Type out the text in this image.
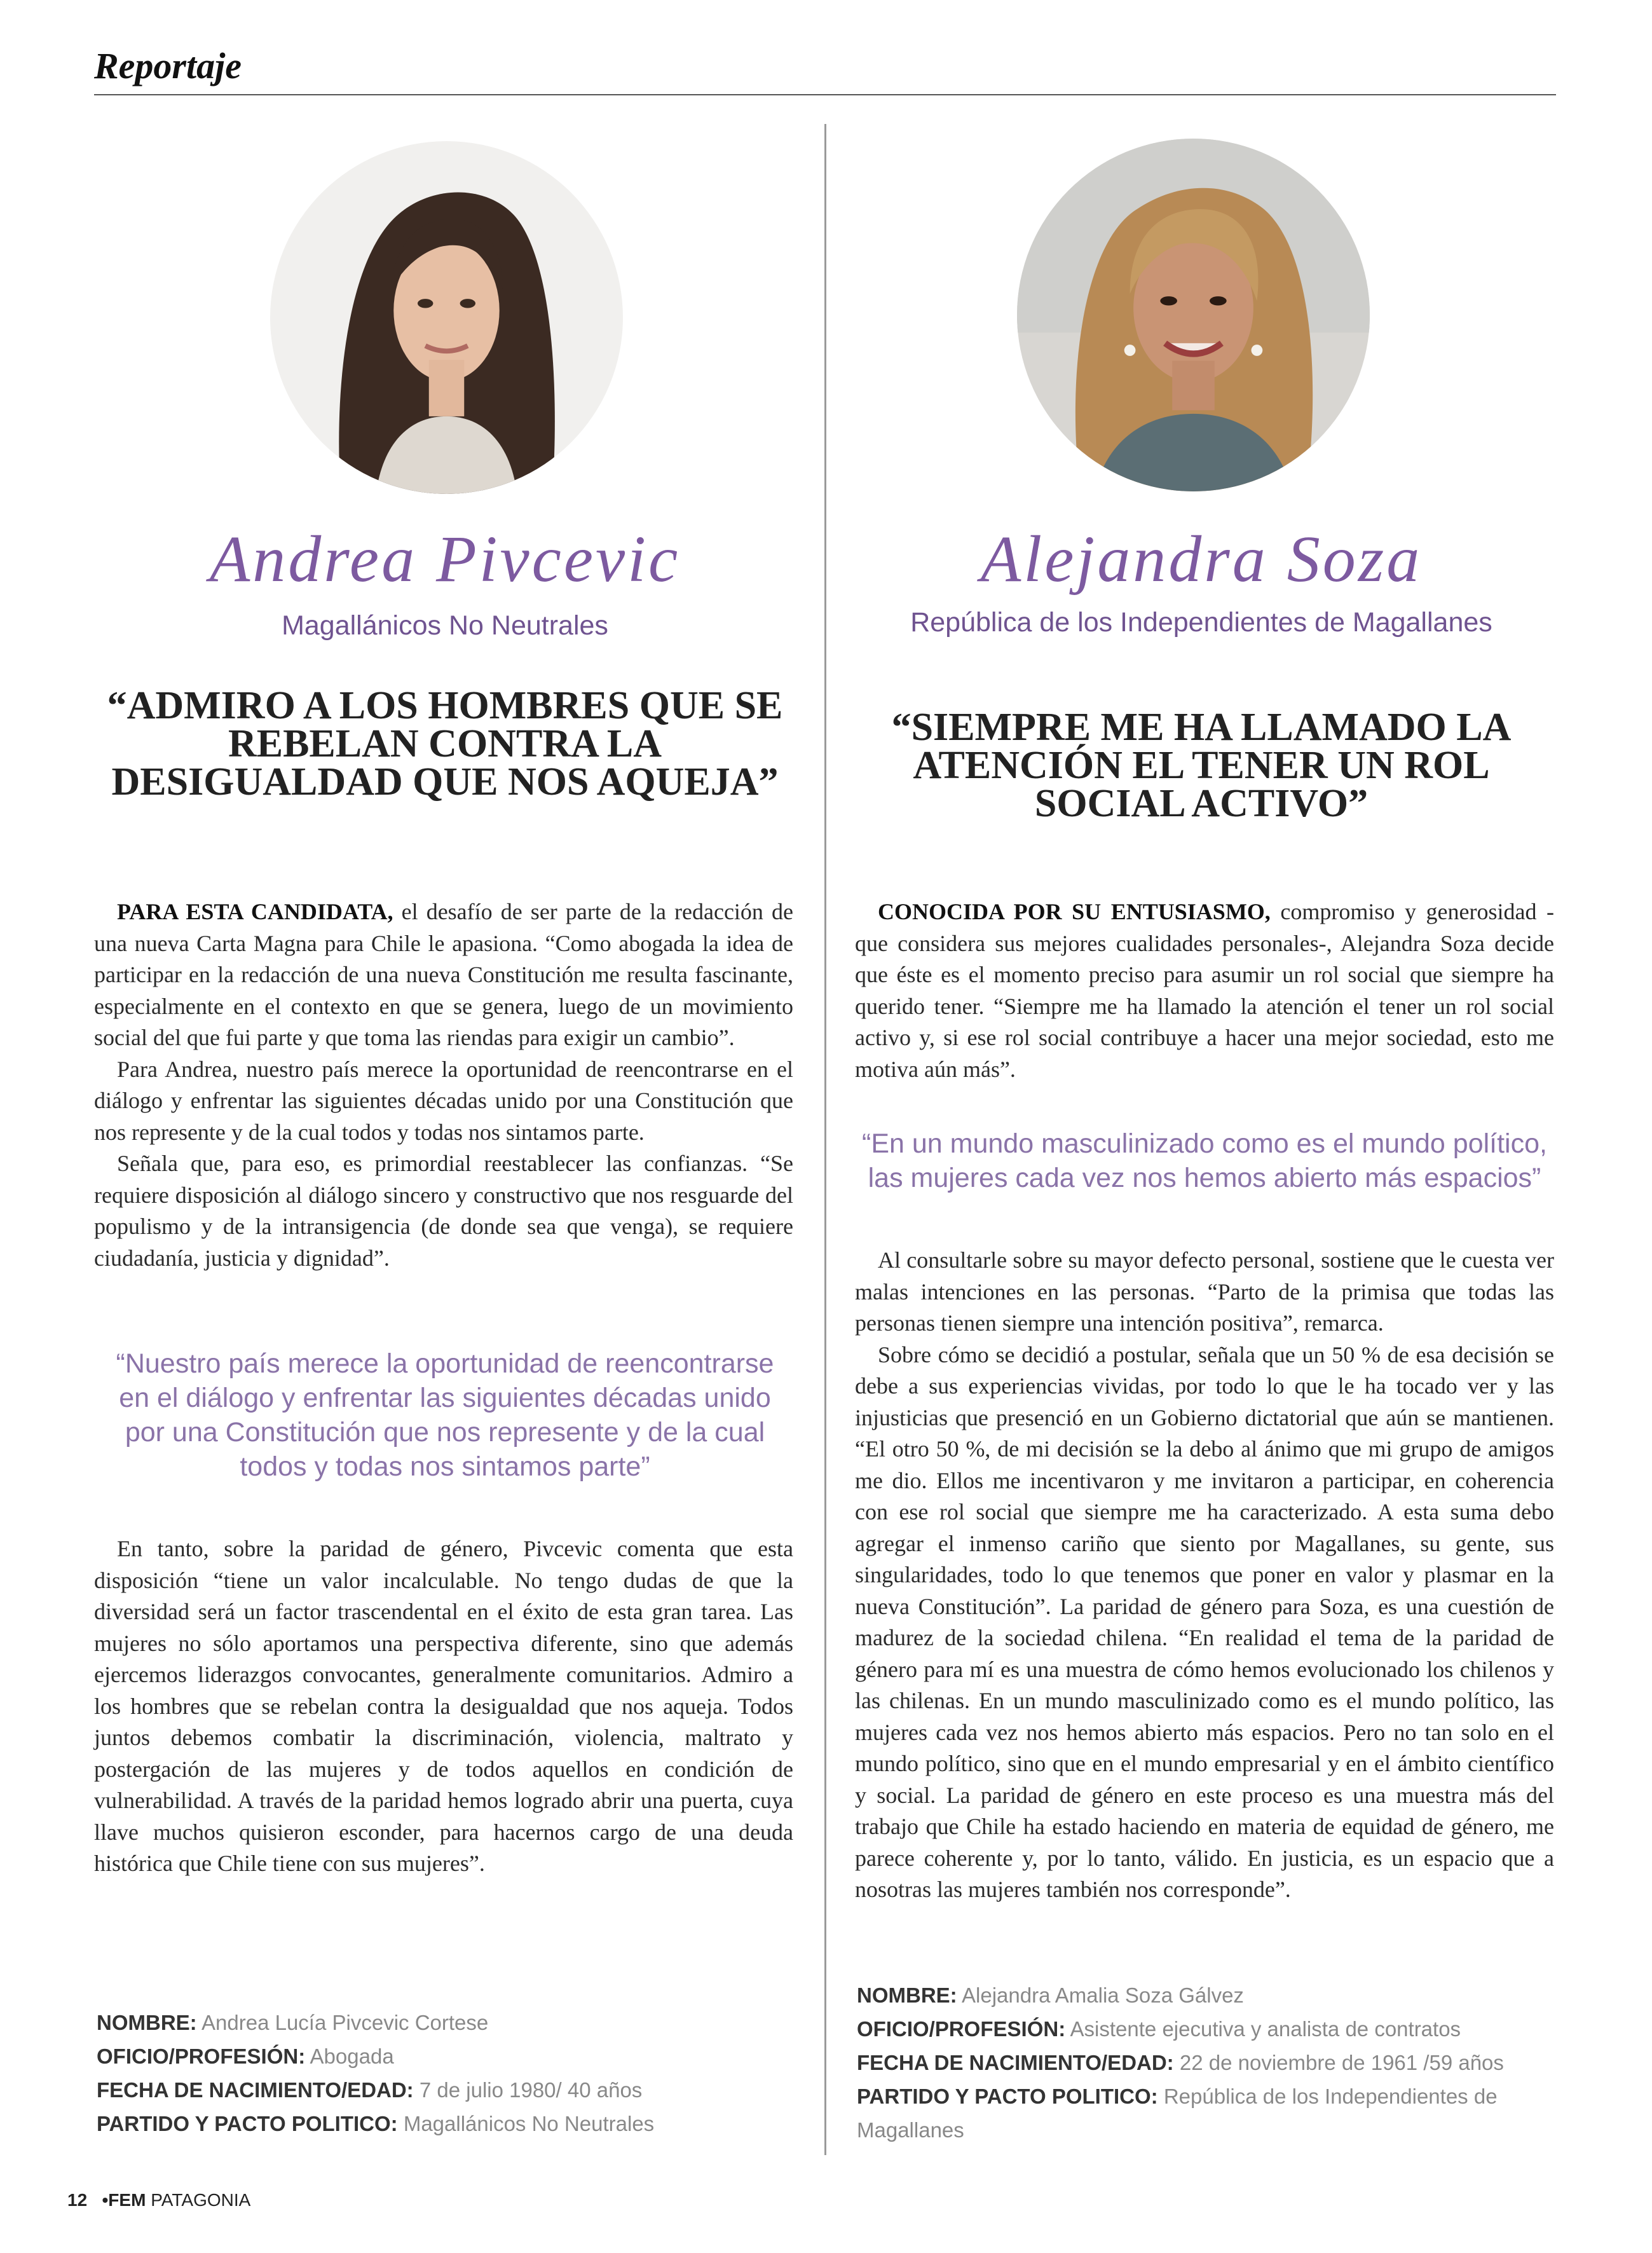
Reportaje
Andrea Pivcevic
Magallánicos No Neutrales
“ADMIRO A LOS HOMBRES QUE SE REBELAN CONTRA LA DESIGUALDAD QUE NOS AQUEJA”

PARA ESTA CANDIDATA, el desafío de ser parte de la redacción de una nueva Carta Magna para Chile le apasiona. “Como abogada la idea de participar en la redacción de una nueva Constitución me resulta fascinante, especialmente en el contexto en que se genera, luego de un movimiento social del que fui parte y que toma las riendas para exigir un cambio”.

Para Andrea, nuestro país merece la oportunidad de reencontrarse en el diálogo y enfrentar las siguientes décadas unido por una Constitución que nos represente y de la cual todos y todas nos sintamos parte.

Señala que, para eso, es primordial reestablecer las confianzas. “Se requiere disposición al diálogo sincero y constructivo que nos resguarde del populismo y de la intransigencia (de donde sea que venga), se requiere ciudadanía, justicia y dignidad”.

“Nuestro país merece la oportunidad de reencontrarse en el diálogo y enfrentar las siguientes décadas unido por una Constitución que nos represente y de la cual todos y todas nos sintamos parte”

En tanto, sobre la paridad de género, Pivcevic comenta que esta disposición “tiene un valor incalculable. No tengo dudas de que la diversidad será un factor trascendental en el éxito de esta gran tarea. Las mujeres no sólo aportamos una perspectiva diferente, sino que además ejercemos liderazgos convocantes, generalmente comunitarios. Admiro a los hombres que se rebelan contra la desigualdad que nos aqueja. Todos juntos debemos combatir la discriminación, violencia, maltrato y postergación de las mujeres y de todos aquellos en condición de vulnerabilidad. A través de la paridad hemos logrado abrir una puerta, cuya llave muchos quisieron esconder, para hacernos cargo de una deuda histórica que Chile tiene con sus mujeres”.

NOMBRE: Andrea Lucía Pivcevic Cortese
OFICIO/PROFESIÓN: Abogada
FECHA DE NACIMIENTO/EDAD: 7 de julio 1980/ 40 años
PARTIDO Y PACTO POLITICO: Magallánicos No Neutrales
Alejandra Soza
República de los Independientes de Magallanes
“SIEMPRE ME HA LLAMADO LA ATENCIÓN EL TENER UN ROL SOCIAL ACTIVO”

CONOCIDA POR SU ENTUSIASMO, compromiso y generosidad - que considera sus mejores cualidades personales-, Alejandra Soza decide que éste es el momento preciso para asumir un rol social que siempre ha querido tener. “Siempre me ha llamado la atención el tener un rol social activo y, si ese rol social contribuye a hacer una mejor sociedad, esto me motiva aún más”.

“En un mundo masculinizado como es el mundo político, las mujeres cada vez nos hemos abierto más espacios”

Al consultarle sobre su mayor defecto personal, sostiene que le cuesta ver malas intenciones en las personas. “Parto de la primisa que todas las personas tienen siempre una intención positiva”, remarca.

Sobre cómo se decidió a postular, señala que un 50 % de esa decisión se debe a sus experiencias vividas, por todo lo que le ha tocado ver y las injusticias que presenció en un Gobierno dictatorial que aún se mantienen. “El otro 50 %, de mi decisión se la debo al ánimo que mi grupo de amigos me dio. Ellos me incentivaron y me invitaron a participar, en coherencia con ese rol social que siempre me ha caracterizado. A esta suma debo agregar el inmenso cariño que siento por Magallanes, su gente, sus singularidades, todo lo que tenemos que poner en valor y plasmar en la nueva Constitución”. La paridad de género para Soza, es una cuestión de madurez de la sociedad chilena. “En realidad el tema de la paridad de género para mí es una muestra de cómo hemos evolucionado los chilenos y las chilenas. En un mundo masculinizado como es el mundo político, las mujeres cada vez nos hemos abierto más espacios. Pero no tan solo en el mundo político, sino que en el mundo empresarial y en el ámbito científico y social. La paridad de género en este proceso es una muestra más del trabajo que Chile ha estado haciendo en materia de equidad de género, me parece coherente y, por lo tanto, válido. En justicia, es un espacio que a nosotras las mujeres también nos corresponde”.

NOMBRE: Alejandra Amalia Soza Gálvez
OFICIO/PROFESIÓN: Asistente ejecutiva y analista de contratos
FECHA DE NACIMIENTO/EDAD: 22 de noviembre de 1961 /59 años
PARTIDO Y PACTO POLITICO: República de los Independientes de Magallanes
12 •FEM PATAGONIA
